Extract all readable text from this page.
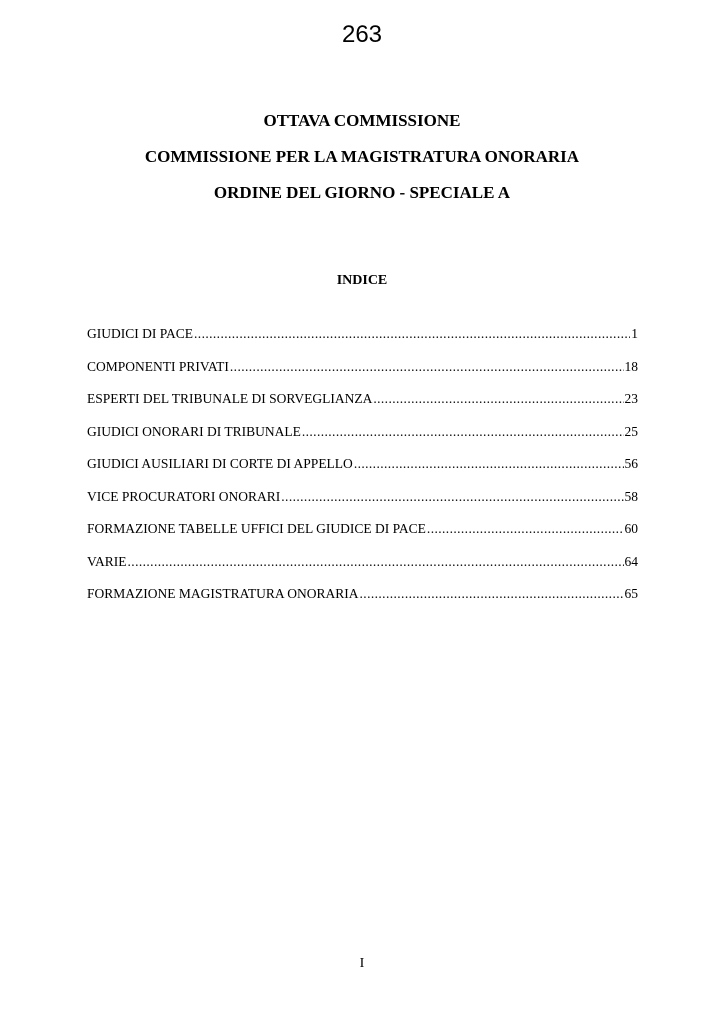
263
OTTAVA COMMISSIONE
COMMISSIONE PER LA MAGISTRATURA ONORARIA
ORDINE DEL GIORNO - SPECIALE A
INDICE
GIUDICI DI PACE .....	1
COMPONENTI PRIVATI .....	18
ESPERTI DEL TRIBUNALE DI SORVEGLIANZA .....	23
GIUDICI ONORARI DI TRIBUNALE .....	25
GIUDICI AUSILIARI DI CORTE DI APPELLO .....	56
VICE PROCURATORI ONORARI .....	58
FORMAZIONE TABELLE UFFICI DEL GIUDICE DI PACE .....	60
VARIE .....	64
FORMAZIONE MAGISTRATURA ONORARIA .....	65
I
